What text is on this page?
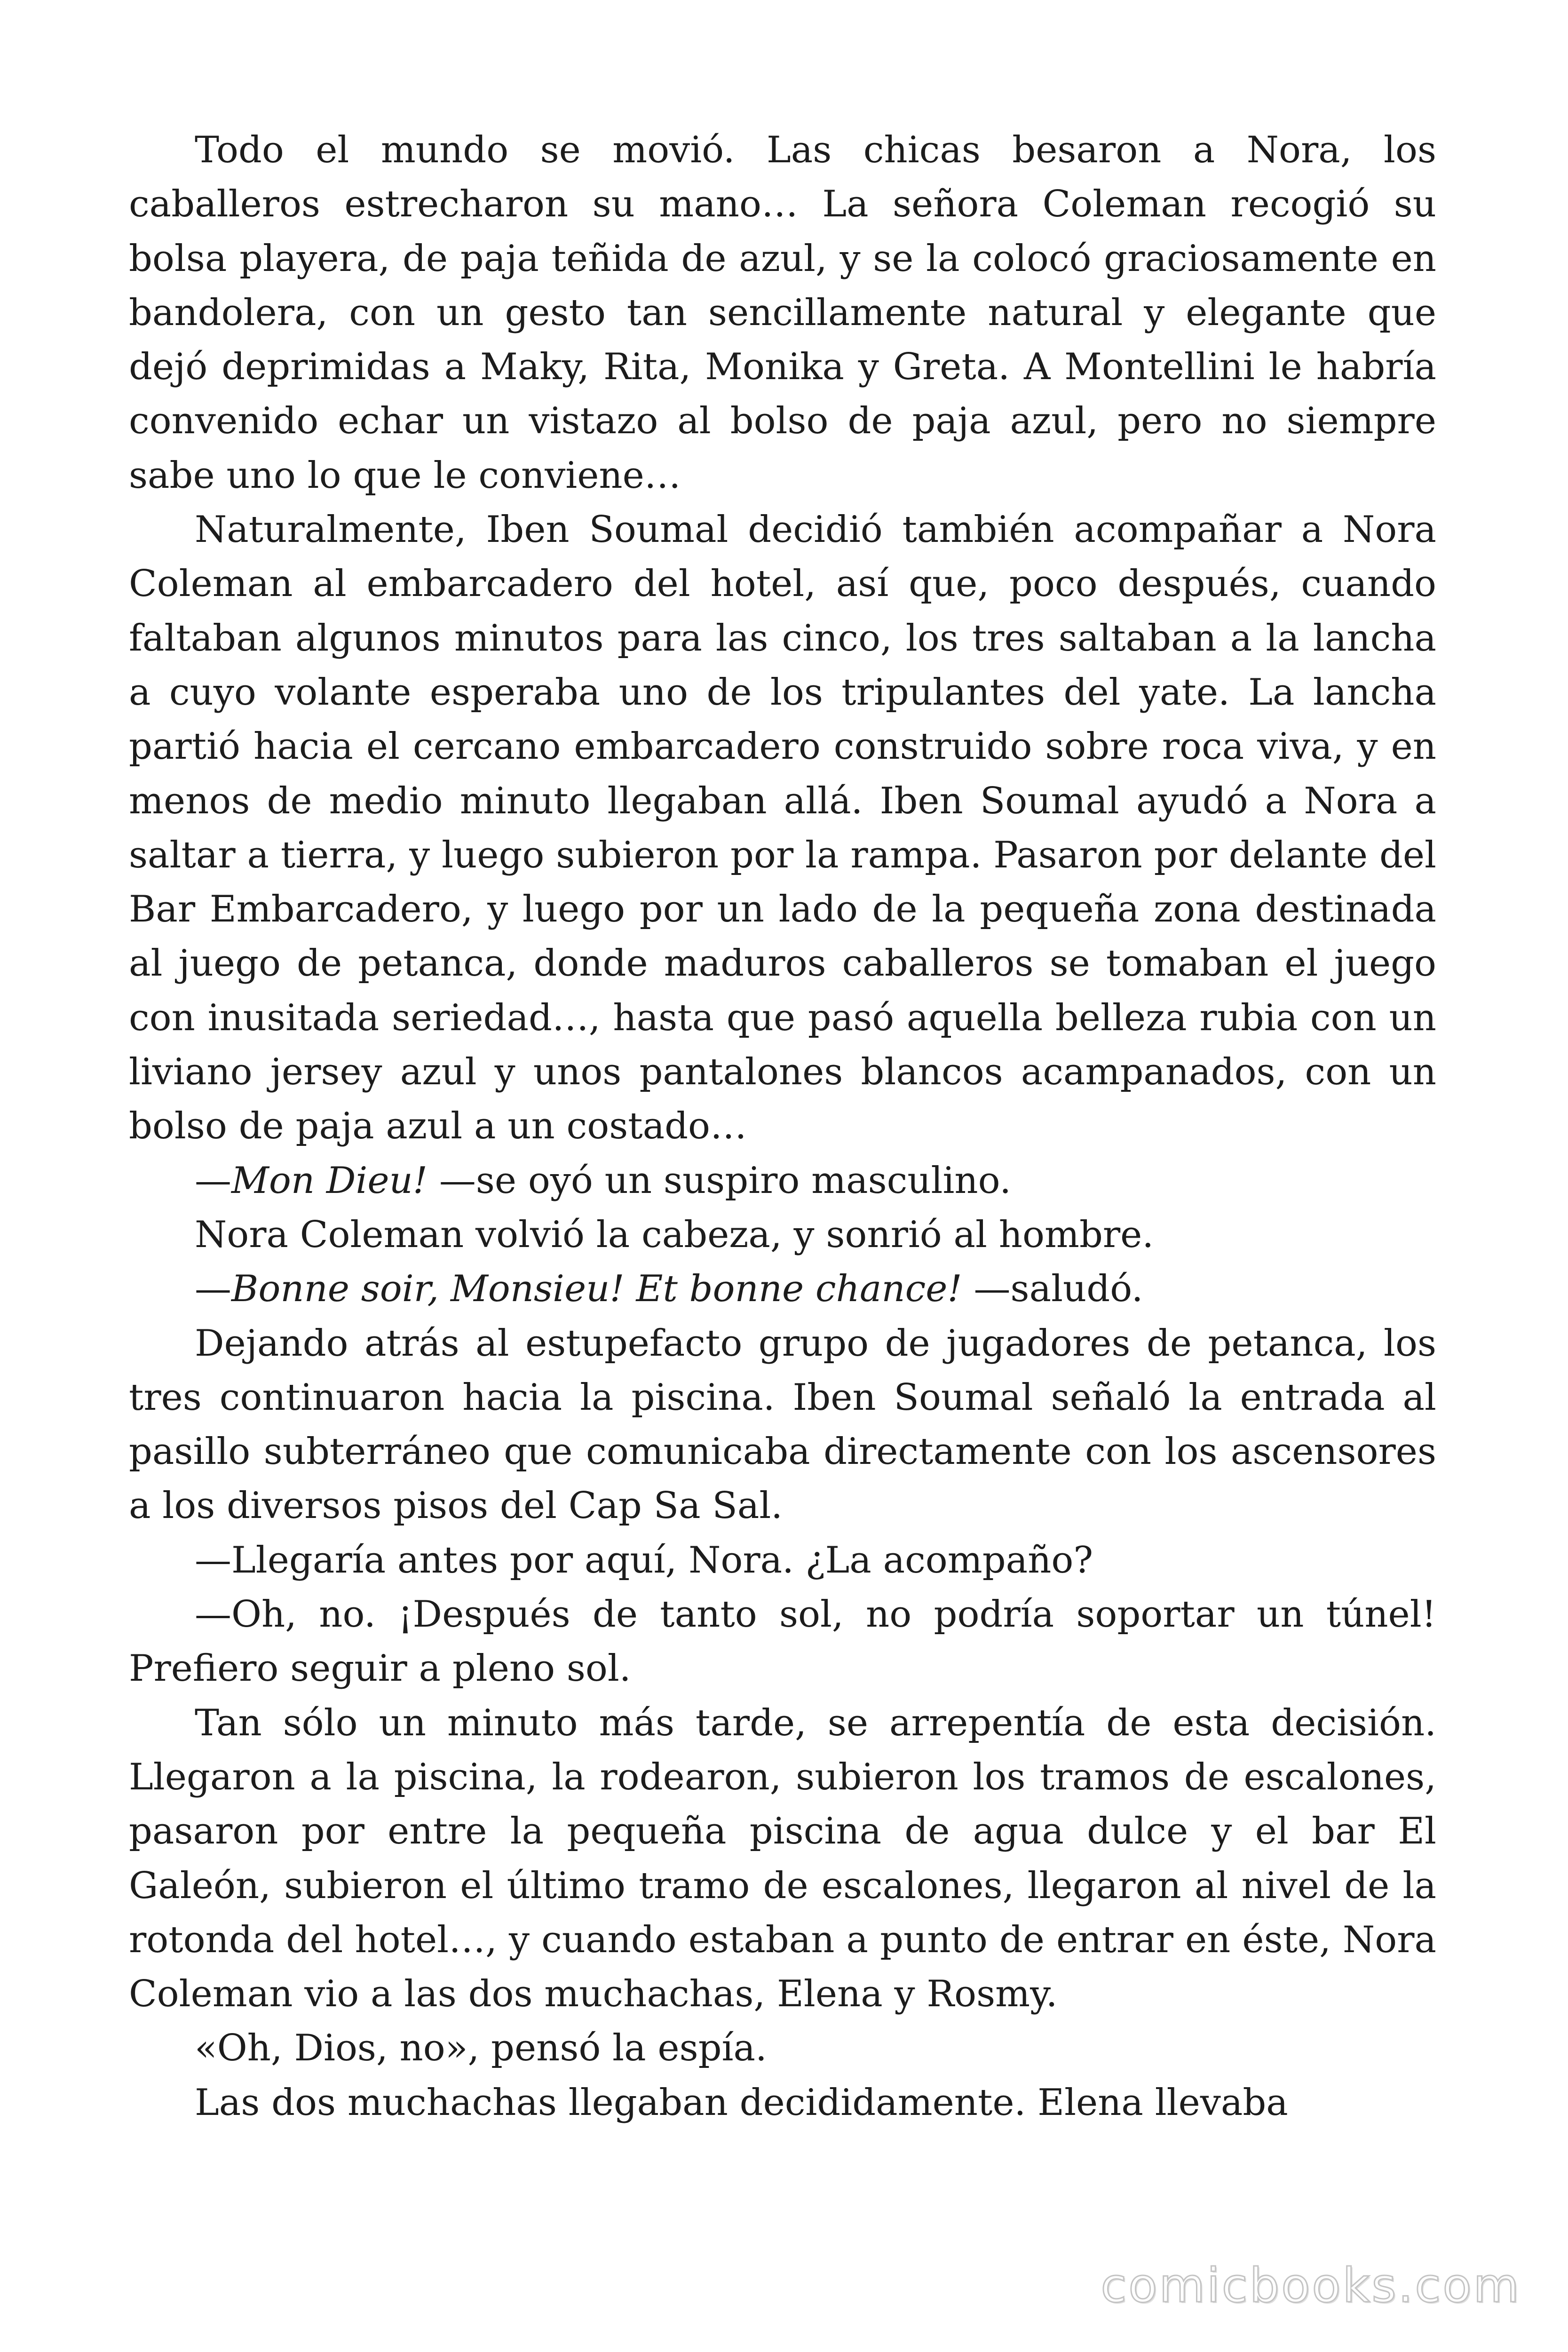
Todo el mundo se movió. Las chicas besaron a Nora, los caballeros estrecharon su mano… La señora Coleman recogió su bolsa playera, de paja teñida de azul, y se la colocó graciosamente en bandolera, con un gesto tan sencillamente natural y elegante que dejó deprimidas a Maky, Rita, Monika y Greta. A Montellini le habría convenido echar un vistazo al bolso de paja azul, pero no siempre sabe uno lo que le conviene…

Naturalmente, Iben Soumal decidió también acompañar a Nora Coleman al embarcadero del hotel, así que, poco después, cuando faltaban algunos minutos para las cinco, los tres saltaban a la lancha a cuyo volante esperaba uno de los tripulantes del yate. La lancha partió hacia el cercano embarcadero construido sobre roca viva, y en menos de medio minuto llegaban allá. Iben Soumal ayudó a Nora a saltar a tierra, y luego subieron por la rampa. Pasaron por delante del Bar Embarcadero, y luego por un lado de la pequeña zona destinada al juego de petanca, donde maduros caballeros se tomaban el juego con inusitada seriedad…, hasta que pasó aquella belleza rubia con un liviano jersey azul y unos pantalones blancos acampanados, con un bolso de paja azul a un costado…

—Mon Dieu! —se oyó un suspiro masculino.

Nora Coleman volvió la cabeza, y sonrió al hombre.

—Bonne soir, Monsieu! Et bonne chance! —saludó.

Dejando atrás al estupefacto grupo de jugadores de petanca, los tres continuaron hacia la piscina. Iben Soumal señaló la entrada al pasillo subterráneo que comunicaba directamente con los ascensores a los diversos pisos del Cap Sa Sal.

—Llegaría antes por aquí, Nora. ¿La acompaño?

—Oh, no. ¡Después de tanto sol, no podría soportar un túnel! Prefiero seguir a pleno sol.

Tan sólo un minuto más tarde, se arrepentía de esta decisión. Llegaron a la piscina, la rodearon, subieron los tramos de escalones, pasaron por entre la pequeña piscina de agua dulce y el bar El Galeón, subieron el último tramo de escalones, llegaron al nivel de la rotonda del hotel…, y cuando estaban a punto de entrar en éste, Nora Coleman vio a las dos muchachas, Elena y Rosmy.

«Oh, Dios, no», pensó la espía.

Las dos muchachas llegaban decididamente. Elena llevaba

comicbooks.com
